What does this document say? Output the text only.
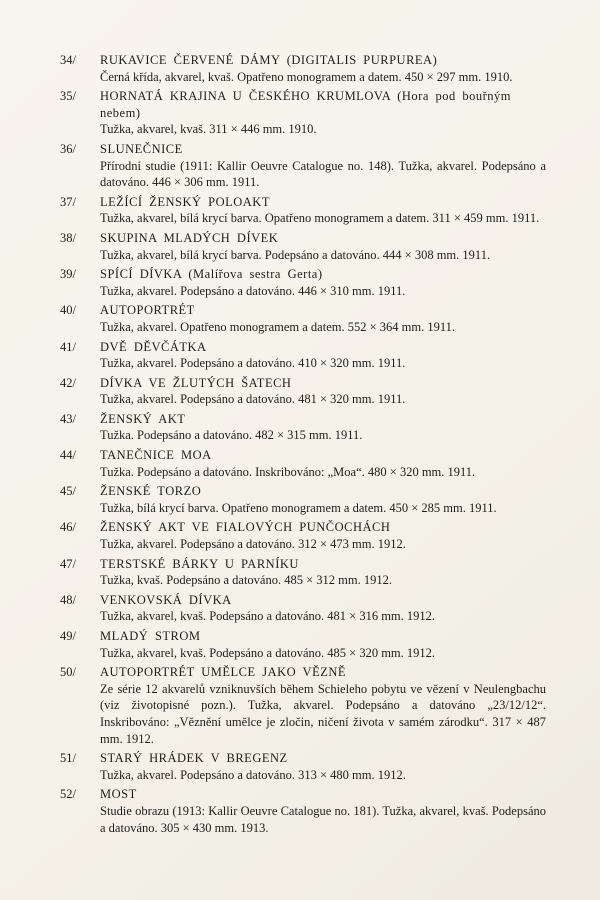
34/	RUKAVICE ČERVENÉ DÁMY (DIGITALIS PURPUREA)
Černá křída, akvarel, kvaš. Opatřeno monogramem a datem. 450 × 297 mm. 1910.
35/	HORNATÁ KRAJINA U ČESKÉHO KRUMLOVA (Hora pod bouřným nebem)
Tužka, akvarel, kvaš. 311 × 446 mm. 1910.
36/	SLUNEČNICE
Přírodní studie (1911: Kallir Oeuvre Catalogue no. 148). Tužka, akvarel. Podepsáno a datováno. 446 × 306 mm. 1911.
37/	LEŽÍCÍ ŽENSKÝ POLOAKT
Tužka, akvarel, bílá krycí barva. Opatřeno monogramem a datem. 311 × 459 mm. 1911.
38/	SKUPINA MLADÝCH DÍVEK
Tužka, akvarel, bílá krycí barva. Podepsáno a datováno. 444 × 308 mm. 1911.
39/	SPÍCÍ DÍVKA (Malířova sestra Gerta)
Tužka, akvarel. Podepsáno a datováno. 446 × 310 mm. 1911.
40/	AUTOPORTRÉT
Tužka, akvarel. Opatřeno monogramem a datem. 552 × 364 mm. 1911.
41/	DVĚ DĚVČÁTKA
Tužka, akvarel. Podepsáno a datováno. 410 × 320 mm. 1911.
42/	DÍVKA VE ŽLUTÝCH ŠATECH
Tužka, akvarel. Podepsáno a datováno. 481 × 320 mm. 1911.
43/	ŽENSKÝ AKT
Tužka. Podepsáno a datováno. 482 × 315 mm. 1911.
44/	TANEČNICE MOA
Tužka. Podepsáno a datováno. Inskribováno: „Moa“. 480 × 320 mm. 1911.
45/	ŽENSKÉ TORZO
Tužka, bílá krycí barva. Opatřeno monogramem a datem. 450 × 285 mm. 1911.
46/	ŽENSKÝ AKT VE FIALOVÝCH PUNČOCHÁCH
Tužka, akvarel. Podepsáno a datováno. 312 × 473 mm. 1912.
47/	TERSTSKÉ BÁRKY U PARNÍKU
Tužka, kvaš. Podepsáno a datováno. 485 × 312 mm. 1912.
48/	VENKOVSKÁ DÍVKA
Tužka, akvarel, kvaš. Podepsáno a datováno. 481 × 316 mm. 1912.
49/	MLADÝ STROM
Tužka, akvarel, kvaš. Podepsáno a datováno. 485 × 320 mm. 1912.
50/	AUTOPORTRÉT UMĚLCE JAKO VĚZNĚ
Ze série 12 akvarelů vzniknuvších během Schieleho pobytu ve vězení v Neulengbachu (viz životopisné pozn.). Tužka, akvarel. Podepsáno a datováno „23/12/12“. Inskribováno: „Věznění umělce je zločin, ničení života v samém zárodku“. 317 × 487 mm. 1912.
51/	STARÝ HRÁDEK V BREGENZ
Tužka, akvarel. Podepsáno a datováno. 313 × 480 mm. 1912.
52/	MOST
Studie obrazu (1913: Kallir Oeuvre Catalogue no. 181). Tužka, akvarel, kvaš. Podepsáno a datováno. 305 × 430 mm. 1913.
